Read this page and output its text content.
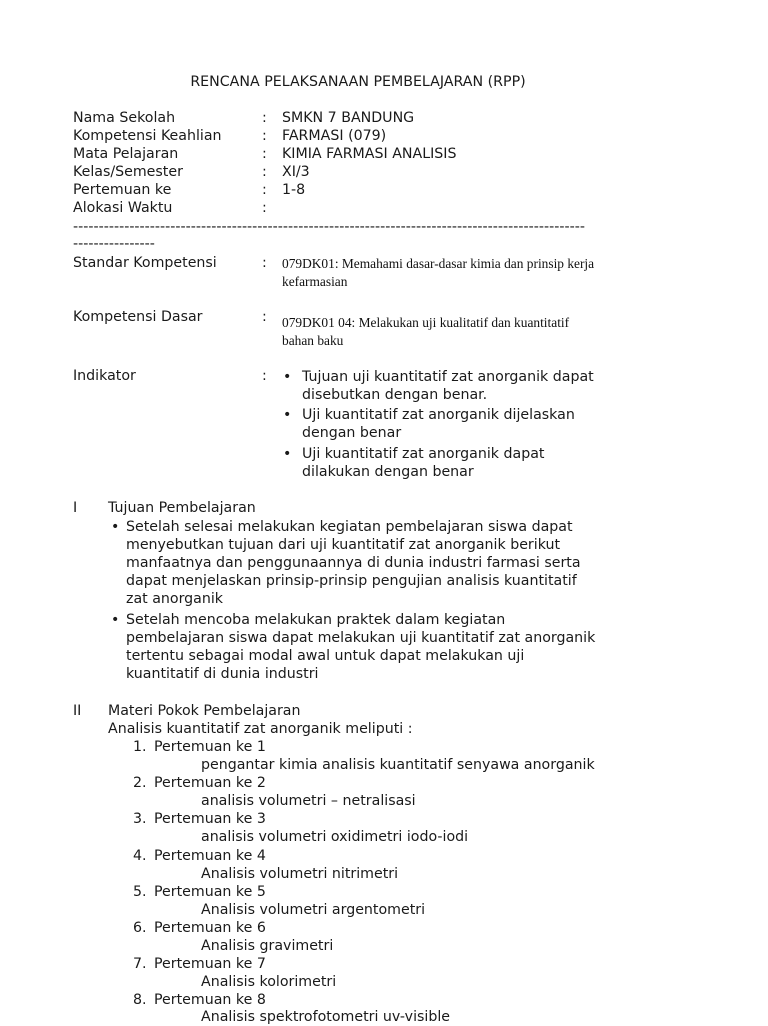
RENCANA PELAKSANAAN PEMBELAJARAN (RPP)
Nama Sekolah	: SMKN 7 BANDUNG
Kompetensi Keahlian	: FARMASI (079)
Mata Pelajaran	: KIMIA FARMASI ANALISIS
Kelas/Semester	: XI/3
Pertemuan ke	: 1-8
Alokasi Waktu	:
----------------------------------------------------------------------------------------------------
----------------
Standar Kompetensi	: 079DK01: Memahami dasar-dasar kimia dan prinsip kerja
kefarmasian
Kompetensi Dasar	: 079DK01 04: Melakukan uji kualitatif dan kuantitatif
bahan baku
Indikator	: • Tujuan uji kuantitatif zat anorganik dapat
disebutkan dengan benar.
• Uji kuantitatif zat anorganik dijelaskan
dengan benar
• Uji kuantitatif zat anorganik dapat
dilakukan dengan benar
I Tujuan Pembelajaran
• Setelah selesai melakukan kegiatan pembelajaran siswa dapat
menyebutkan tujuan dari uji kuantitatif zat anorganik berikut
manfaatnya dan penggunaannya di dunia industri farmasi serta
dapat menjelaskan prinsip-prinsip pengujian analisis kuantitatif
zat anorganik
• Setelah mencoba melakukan praktek dalam kegiatan
pembelajaran siswa dapat melakukan uji kuantitatif zat anorganik
tertentu sebagai modal awal untuk dapat melakukan uji
kuantitatif di dunia industri
II Materi Pokok Pembelajaran
Analisis kuantitatif zat anorganik meliputi :
1. Pertemuan ke 1
pengantar kimia analisis kuantitatif senyawa anorganik
2. Pertemuan ke 2
analisis volumetri – netralisasi
3. Pertemuan ke 3
analisis volumetri oxidimetri iodo-iodi
4. Pertemuan ke 4
Analisis volumetri nitrimetri
5. Pertemuan ke 5
Analisis volumetri argentometri
6. Pertemuan ke 6
Analisis gravimetri
7. Pertemuan ke 7
Analisis kolorimetri
8. Pertemuan ke 8
Analisis spektrofotometri uv-visible
